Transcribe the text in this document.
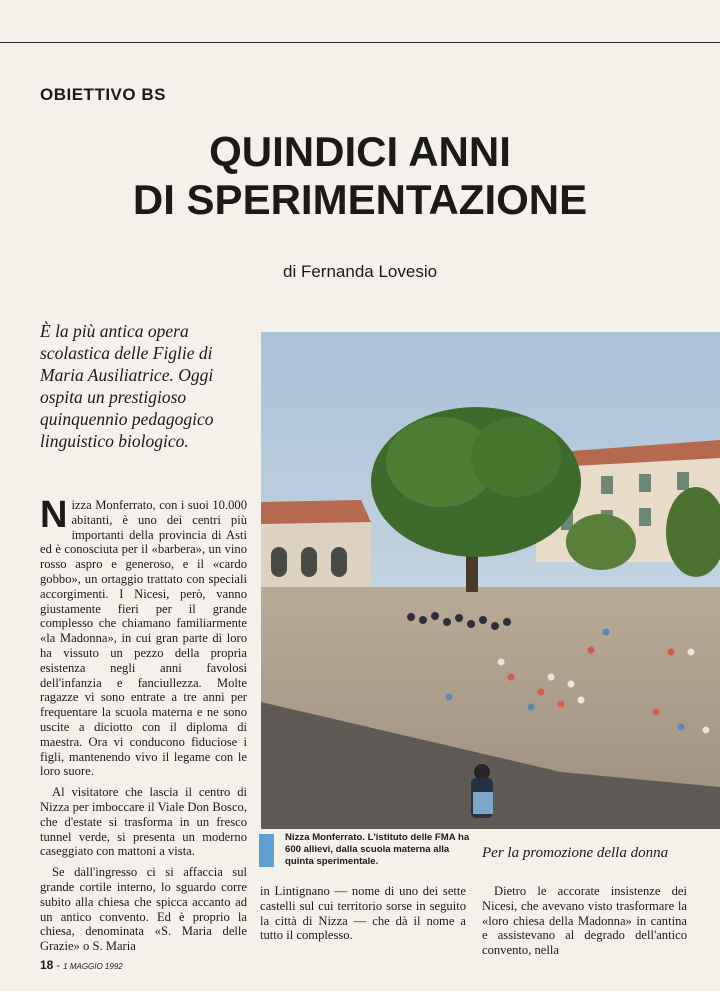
OBIETTIVO BS
QUINDICI ANNI
DI SPERIMENTAZIONE
di Fernanda Lovesio
È la più antica opera scolastica delle Figlie di Maria Ausiliatrice. Oggi ospita un prestigioso quinquennio pedagogico linguistico biologico.

Nizza Monferrato, con i suoi 10.000 abitanti, è uno dei centri più importanti della provincia di Asti ed è conosciuta per il «barbera», un vino rosso aspro e generoso, e il «cardo gobbo», un ortaggio trattato con speciali accorgimenti. I Nicesi, però, vanno giustamente fieri per il grande complesso che chiamano familiarmente «la Madonna», in cui gran parte di loro ha vissuto un pezzo della propria esistenza negli anni favolosi dell'infanzia e fanciullezza. Molte ragazze vi sono entrate a tre anni per frequentare la scuola materna e ne sono uscite a diciotto con il diploma di maestra. Ora vi conducono fiduciose i figli, mantenendo vivo il legame con le loro suore.

Al visitatore che lascia il centro di Nizza per imboccare il Viale Don Bosco, che d'estate si trasforma in un fresco tunnel verde, si presenta un moderno caseggiato con mattoni a vista.

Se dall'ingresso ci si affaccia sul grande cortile interno, lo sguardo corre subito alla chiesa che spicca accanto ad un antico convento. Ed è proprio la chiesa, denominata «S. Maria delle Grazie» o S. Maria

Nizza Monferrato. L'istituto delle FMA ha 600 allievi, dalla scuola materna alla quinta sperimentale.

in Lintignano — nome di uno dei sette castelli sul cui territorio sorse in seguito la città di Nizza — che dà il nome a tutto il complesso.

Per la promozione della donna

Dietro le accorate insistenze dei Nicesi, che avevano visto trasformare la «loro chiesa della Madonna» in cantina e assistevano al degrado dell'antico convento, nella

18 - 1 MAGGIO 1992
